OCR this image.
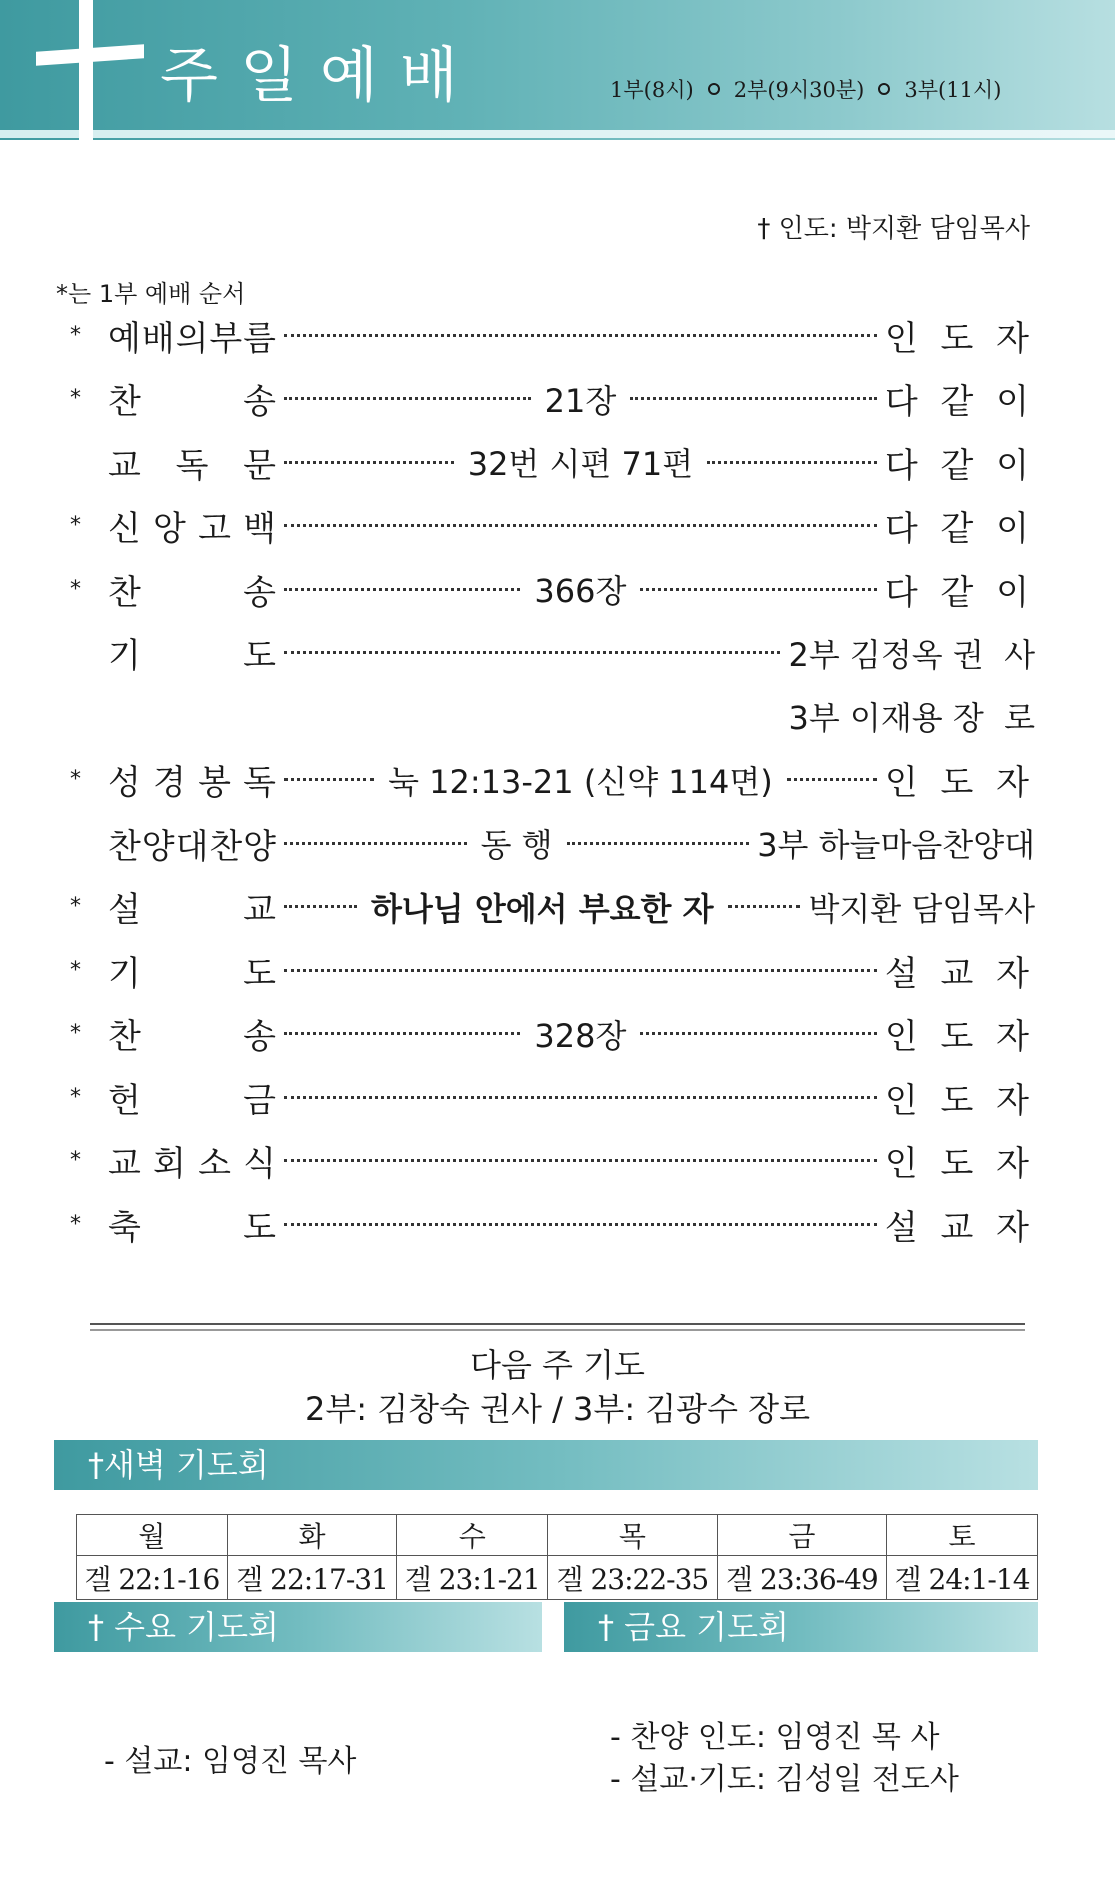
주일예배	1부(8시) 2부(9시30분) 3부(11시)
† 인도: 박지환 담임목사
*는 1부 예배 순서
* 예 배 의 부 름	인 도 자
* 찬	송	21장	다 같 이
교 독 문	32번 시편 71편	다 같 이
* 신 앙 고 백	다 같 이
* 찬	송	366장	다 같 이
기	도	2부 김정옥 권  사
3부 이재용 장  로
* 성 경 봉 독	눅 12:13-21 (신약 114면)	인 도 자
찬 양 대 찬 양	동 행	3부 하늘마음찬양대
* 설	교	하나님 안에서 부요한 자	박지환 담임목사
* 기	도	설 교 자
* 찬	송	328장	인 도 자
* 헌	금	인 도 자
* 교 회 소 식	인 도 자
* 축	도	설 교 자
다음 주 기도
2부: 김창숙 권사 / 3부: 김광수 장로
†새벽 기도회
월	화	수	목	금	토
겔 22:1-16	겔 22:17-31	겔 23:1-21	겔 23:22-35	겔 23:36-49	겔 24:1-14
† 수요 기도회	† 금요 기도회
- 설교: 임영진 목사
- 찬양 인도: 임영진 목 사
- 설교·기도: 김성일 전도사
